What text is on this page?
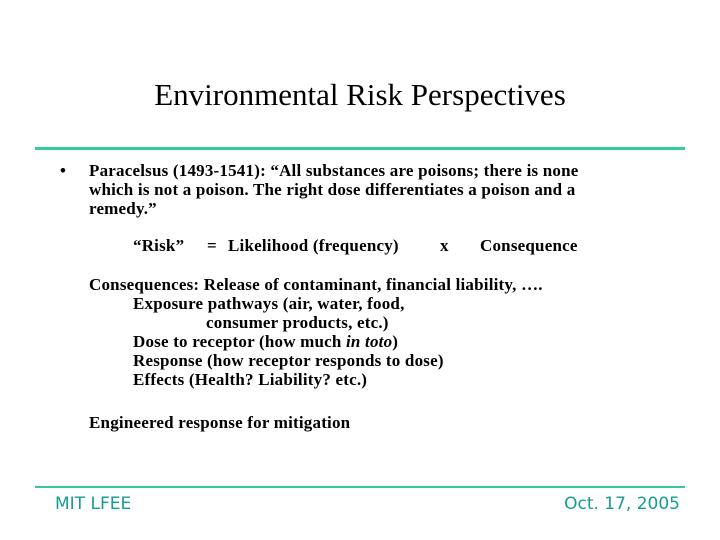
Environmental Risk Perspectives
• Paracelsus (1493-1541): “All substances are poisons; there is none
which is not a poison. The right dose differentiates a poison and a
remedy.”
“Risk” = Likelihood (frequency) x Consequence
Consequences: Release of contaminant, financial liability, ….
Exposure pathways (air, water, food,
consumer products, etc.)
Dose to receptor (how much in toto)
Response (how receptor responds to dose)
Effects (Health? Liability? etc.)
Engineered response for mitigation
MIT LFEE	Oct. 17, 2005
